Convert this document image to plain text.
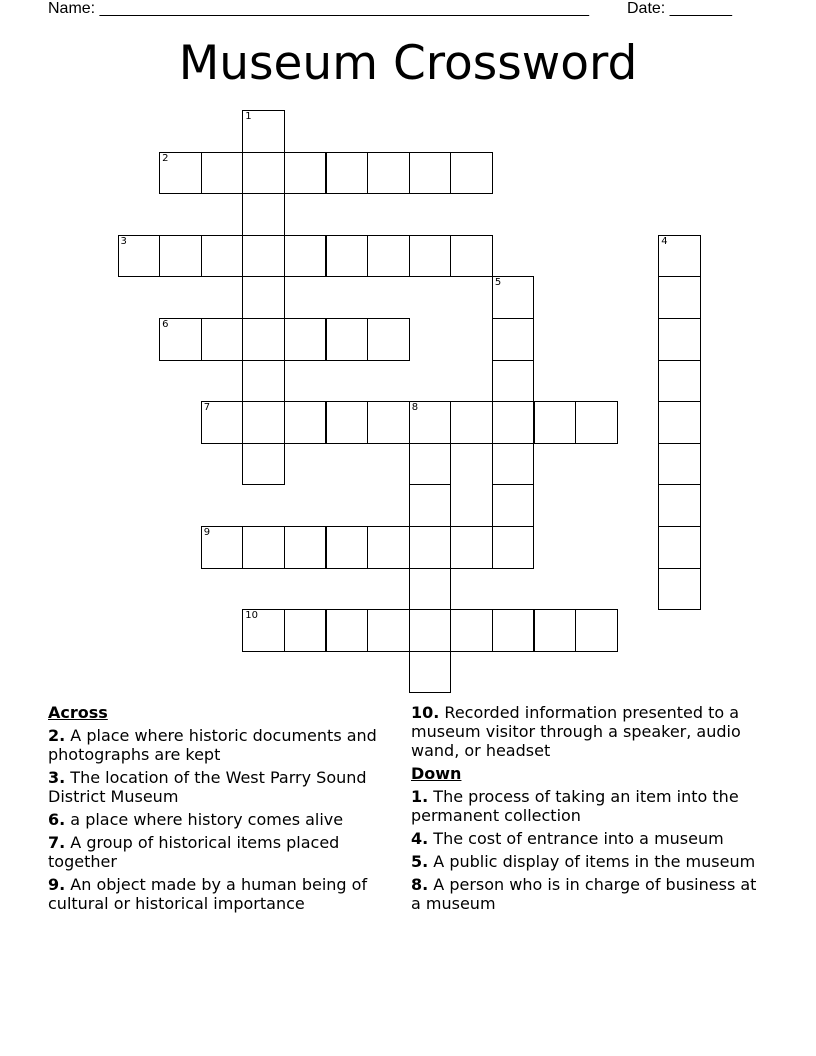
Name: _______________________________________________________ Date: _______
Museum Crossword
1
2
3	4
5
6
7	8
9
10
Across
2. A place where historic documents and photographs are kept
3. The location of the West Parry Sound District Museum
6. a place where history comes alive
7. A group of historical items placed together
9. An object made by a human being of cultural or historical importance
10. Recorded information presented to a museum visitor through a speaker, audio wand, or headset
Down
1. The process of taking an item into the permanent collection
4. The cost of entrance into a museum
5. A public display of items in the museum
8. A person who is in charge of business at a museum
